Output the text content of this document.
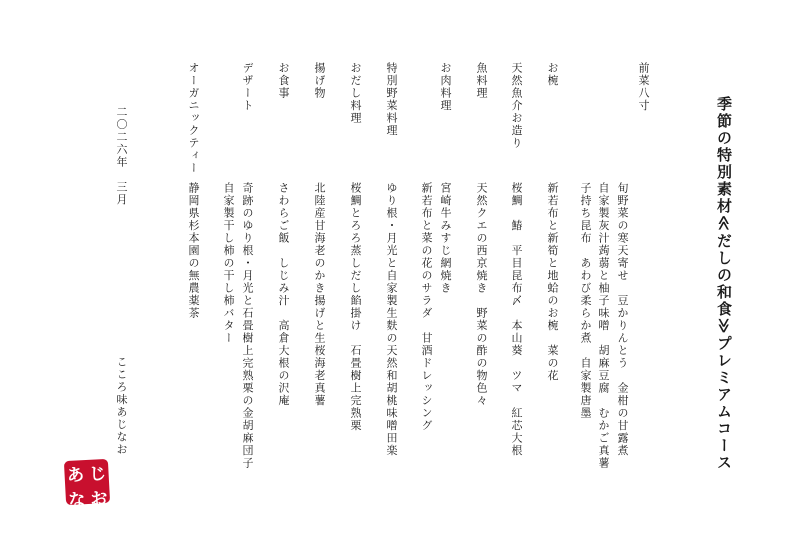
季節の特別素材≪だしの和食≫プレミアムコース
前菜八寸
旬野菜の寒天寄せ　豆かりんとう　金柑の甘露煮
自家製灰汁蒟蒻と柚子味噌　胡麻豆腐　むかご真薯
子持ち昆布　あわび柔らか煮　自家製唐墨
お椀
新若布と新筍と地蛤のお椀　菜の花
天然魚介お造り
桜鯛　鰆　平目昆布〆　本山葵　ツマ　紅芯大根
魚料理
天然クエの西京焼き　野菜の酢の物色々
お肉料理
宮崎牛みすじ網焼き
新若布と菜の花のサラダ　甘酒ドレッシング
特別野菜料理
ゆり根・月光と自家製生麩の天然和胡桃味噌田楽
おだし料理
桜鯛とろろ蒸しだし餡掛け　石畳樹上完熟栗
揚げ物
北陸産甘海老のかき揚げと生桜海老真薯
お食事
さわらご飯　しじみ汁　高倉大根の沢庵
デザート
奇跡のゆり根・月光と石畳樹上完熟栗の金胡麻団子
自家製干し柿の干し柿バター
オーガニックティー
静岡県杉本園の無農薬茶
二〇二六年　三月
こころ味あじなお
あ じ
な お
